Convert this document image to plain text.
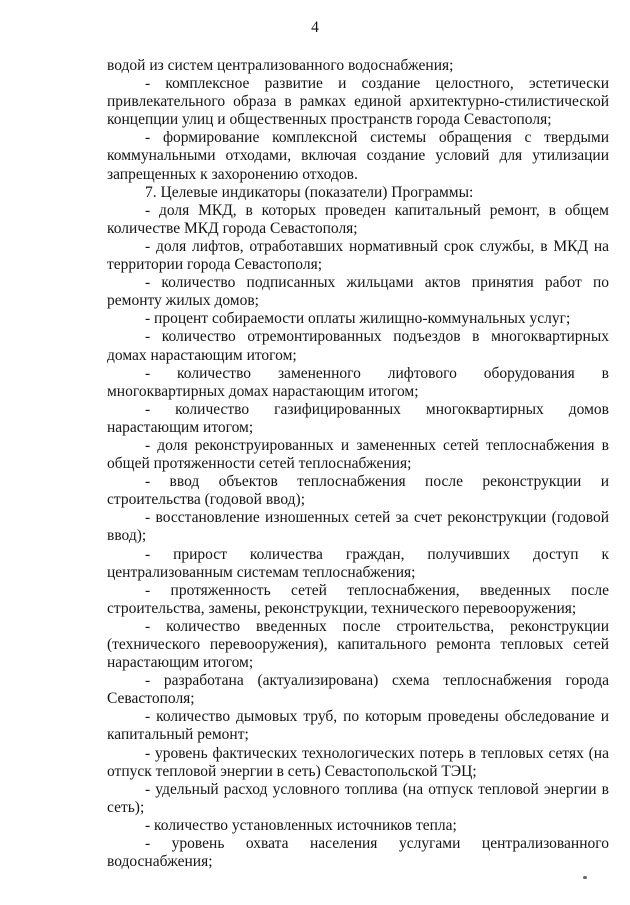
4

водой из систем централизованного водоснабжения;

- комплексное развитие и создание целостного, эстетически привлекательного образа в рамках единой архитектурно-стилистической концепции улиц и общественных пространств города Севастополя;

- формирование комплексной системы обращения с твердыми коммунальными отходами, включая создание условий для утилизации запрещенных к захоронению отходов.

7. Целевые индикаторы (показатели) Программы:

- доля МКД, в которых проведен капитальный ремонт, в общем количестве МКД города Севастополя;

- доля лифтов, отработавших нормативный срок службы, в МКД на территории города Севастополя;

- количество подписанных жильцами актов принятия работ по ремонту жилых домов;

- процент собираемости оплаты жилищно-коммунальных услуг;

- количество отремонтированных подъездов в многоквартирных домах нарастающим итогом;

- количество замененного лифтового оборудования в многоквартирных домах нарастающим итогом;

- количество газифицированных многоквартирных домов нарастающим итогом;

- доля реконструированных и замененных сетей теплоснабжения в общей протяженности сетей теплоснабжения;

- ввод объектов теплоснабжения после реконструкции и строительства (годовой ввод);

- восстановление изношенных сетей за счет реконструкции (годовой ввод);

- прирост количества граждан, получивших доступ к централизованным системам теплоснабжения;

- протяженность сетей теплоснабжения, введенных после строительства, замены, реконструкции, технического перевооружения;

- количество введенных после строительства, реконструкции (технического перевооружения), капитального ремонта тепловых сетей нарастающим итогом;

- разработана (актуализирована) схема теплоснабжения города Севастополя;

- количество дымовых труб, по которым проведены обследование и капитальный ремонт;

- уровень фактических технологических потерь в тепловых сетях (на отпуск тепловой энергии в сеть) Севастопольской ТЭЦ;

- удельный расход условного топлива (на отпуск тепловой энергии в сеть);

- количество установленных источников тепла;

- уровень охвата населения услугами централизованного водоснабжения;
